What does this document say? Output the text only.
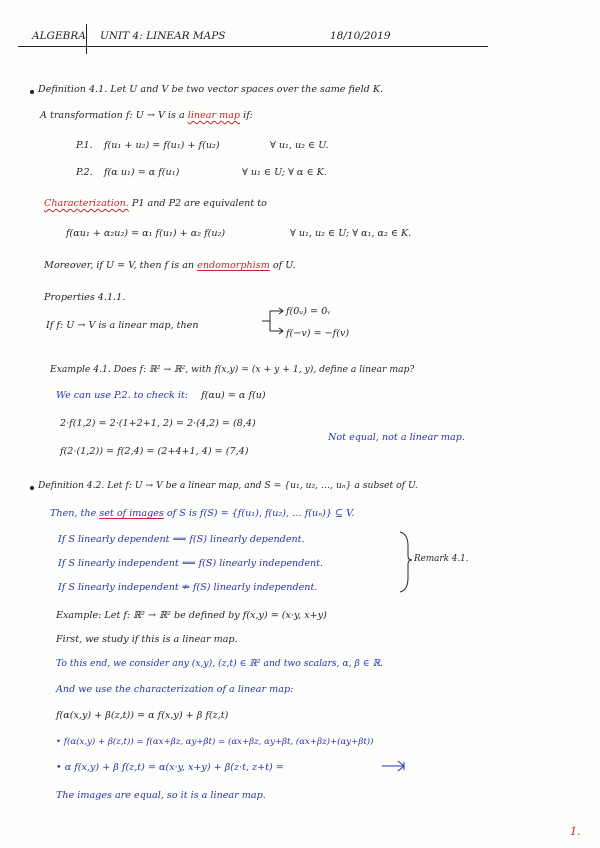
ALGEBRA UNIT 4: LINEAR MAPS	18/10/2019
Definition 4.1. Let U and V be two vector spaces over the same field K.
A transformation f: U → V is a linear map if:
P.1. f(u₁ + u₂) = f(u₁) + f(u₂)	∀ u₁, u₂ ∈ U.
P.2. f(α u₁) = α f(u₁)	∀ u₁ ∈ U; ∀ α ∈ K.
Characterization. P1 and P2 are equivalent to
f(αu₁ + α₂u₂) = α₁ f(u₁) + α₂ f(u₂)	∀ u₁, u₂ ∈ U; ∀ α₁, α₂ ∈ K.
Moreover, if U = V, then f is an endomorphism of U.
Properties 4.1.1.
If f: U → V is a linear map, then
f(0ᵤ) = 0ᵥ
f(−v) = −f(v)
Example 4.1. Does f: ℝ² → ℝ², with f(x,y) = (x + y + 1, y), define a linear map?
We can use P.2. to check it: f(αu) = α f(u)
2·f(1,2) = 2·(1+2+1, 2) = 2·(4,2) = (8,4)
f(2·(1,2)) = f(2,4) = (2+4+1, 4) = (7,4)
Not equal, not a linear map.
Definition 4.2. Let f: U → V be a linear map, and S = {u₁, u₂, …, uₙ} a subset of U.
Then, the set of images of S is f(S) = {f(u₁), f(u₂), … f(uₙ)} ⊆ V.
If S linearly dependent ⟹ f(S) linearly dependent.
If S linearly independent ⟸ f(S) linearly independent.
If S linearly independent ⇏ f(S) linearly independent.
Remark 4.1.
Example: Let f: ℝ² → ℝ² be defined by f(x,y) = (x·y, x+y)
First, we study if this is a linear map.
To this end, we consider any (x,y), (z,t) ∈ ℝ² and two scalars, α, β ∈ ℝ.
And we use the characterization of a linear map:
f(α(x,y) + β(z,t)) = α f(x,y) + β f(z,t)
• f(α(x,y) + β(z,t)) = f(αx+βz, αy+βt) = (αx+βz, αy+βt, (αx+βz)+(αy+βt))
• α f(x,y) + β f(z,t) = α(x·y, x+y) + β(z·t, z+t) =
The images are equal, so it is a linear map.
1.
